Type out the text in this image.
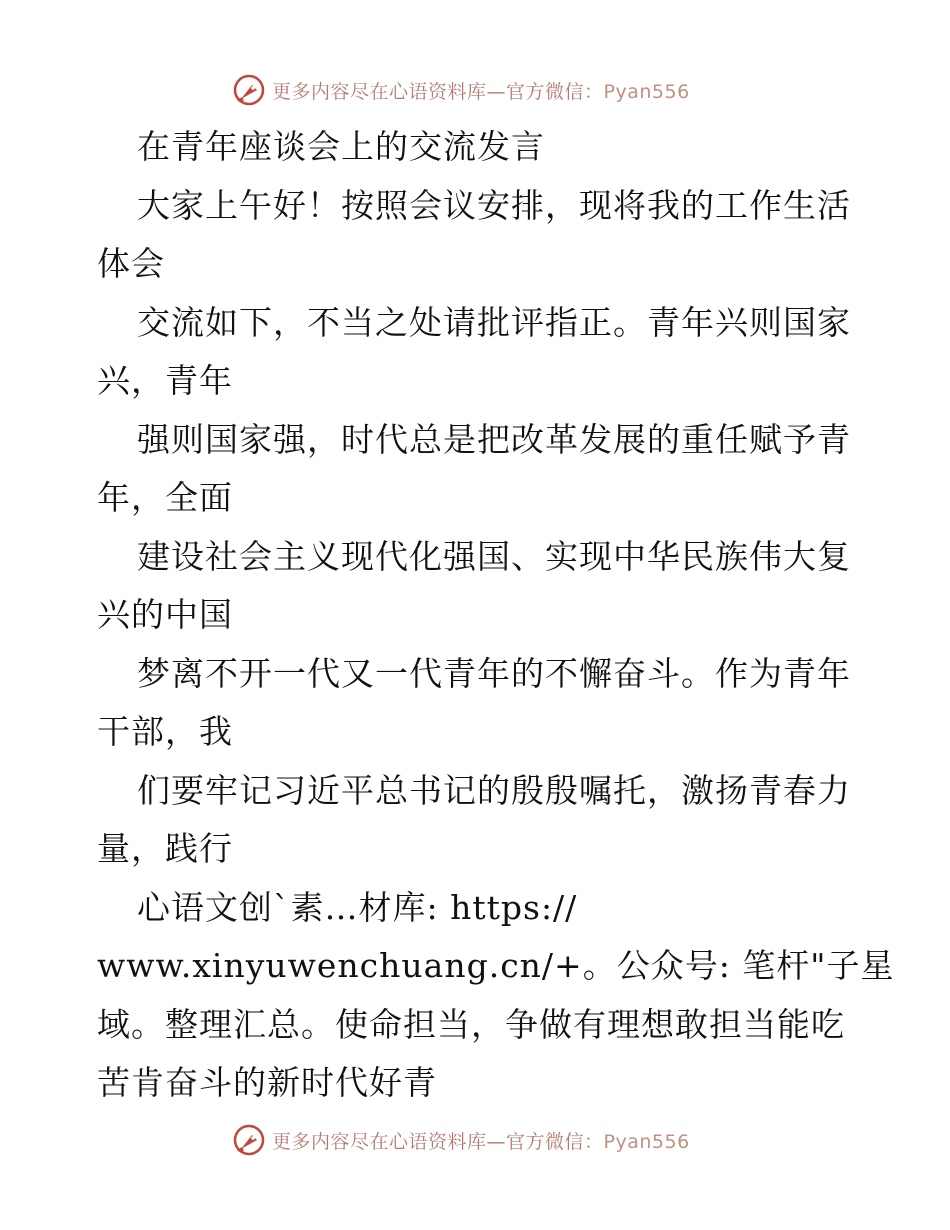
更多内容尽在心语资料库—官方微信：Pyan556
在青年座谈会上的交流发言
大家上午好！按照会议安排，现将我的工作生活
体会
交流如下，不当之处请批评指正。青年兴则国家
兴，青年
强则国家强，时代总是把改革发展的重任赋予青
年，全面
建设社会主义现代化强国、实现中华民族伟大复
兴的中国
梦离不开一代又一代青年的不懈奋斗。作为青年
干部，我
们要牢记习近平总书记的殷殷嘱托，激扬青春力
量，践行
心语文创`素…材库: https://
www.xinyuwenchuang.cn/+。公众号: 笔杆"子星
域。整理汇总。使命担当，争做有理想敢担当能吃
苦肯奋斗的新时代好青
更多内容尽在心语资料库—官方微信：Pyan556
